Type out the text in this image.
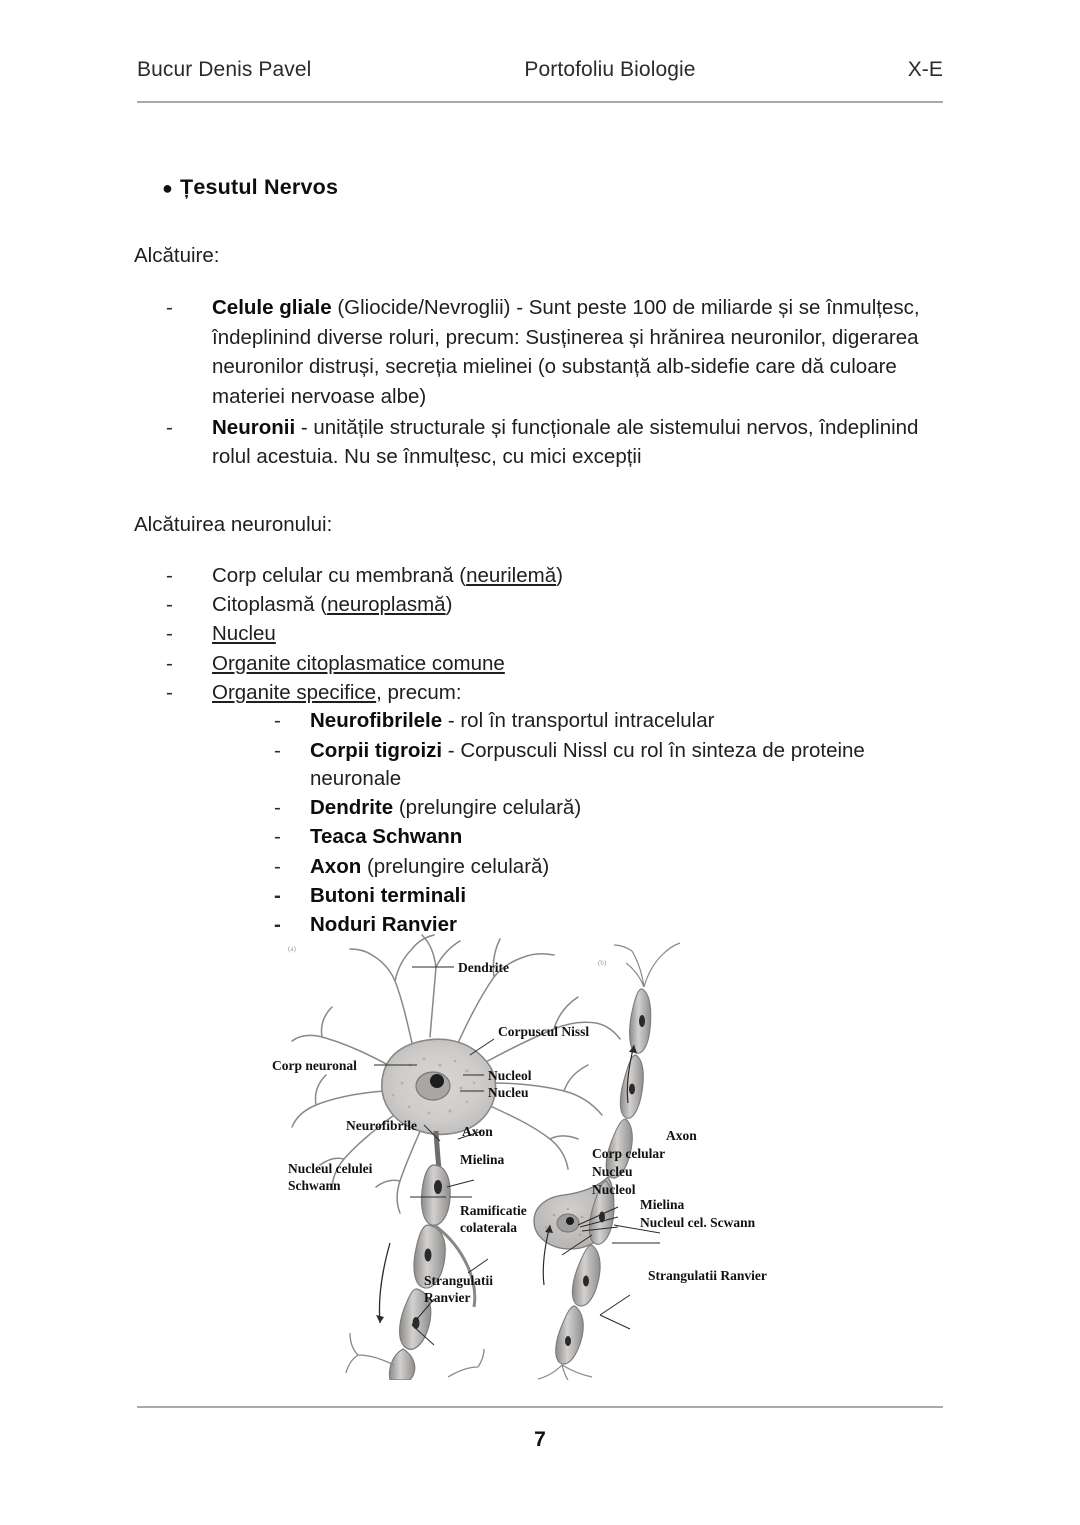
Bucur Denis Pavel	Portofoliu Biologie	X-E
● Țesutul Nervos
Alcătuire:
- Celule gliale (Gliocide/Nevroglii) - Sunt peste 100 de miliarde și se înmulțesc, îndeplinind diverse roluri, precum: Susținerea și hrănirea neuronilor, digerarea neuronilor distruși, secreția mielinei (o substanță alb-sidefie care dă culoare materiei nervoase albe)
- Neuronii - unitățile structurale și funcționale ale sistemului nervos, îndeplinind rolul acestuia. Nu se înmulțesc, cu mici excepții
Alcătuirea neuronului:
- Corp celular cu membrană (neurilemă)
- Citoplasmă (neuroplasmă)
- Nucleu
- Organite citoplasmatice comune
- Organite specifice, precum:
- Neurofibrilele - rol în transportul intracelular
- Corpii tigroizi - Corpusculi Nissl cu rol în sinteza de proteine neuronale
- Dendrite (prelungire celulară)
- Teaca Schwann
- Axon (prelungire celulară)
- Butoni terminali
- Noduri Ranvier
Dendrite
Corpuscul Nissl
Corp neuronal
Nucleol
Nucleu
Neurofibrile	Axon
Mielina
Nucleul celulei
Schwann
Ramificatie
colaterala
Strangulatii
Ranvier
Axon
Corp celular
Nucleu
Nucleol
Mielina
Nucleul cel. Scwann
Strangulatii Ranvier
(a)
(b)
7
